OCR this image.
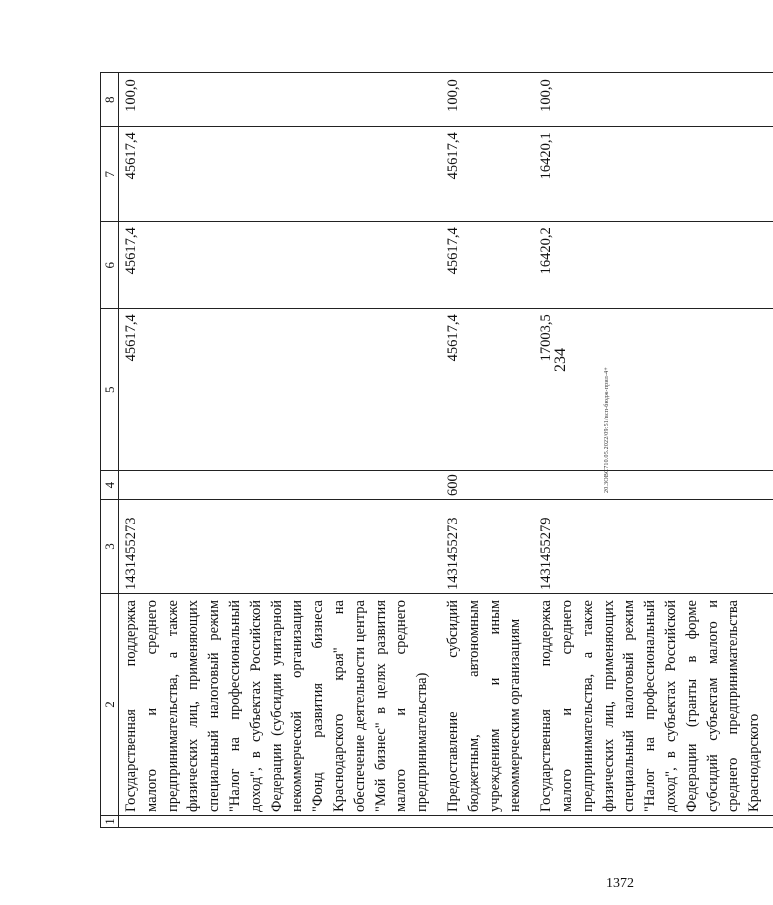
1	2	3	4	5	6	7	8
	Государственная поддержка малого и среднего предпринимательства, а также физических лиц, применяющих специальный налоговый режим "Налог на профессиональный доход", в субъектах Российской Федерации (субсидии унитарной некоммерческой организации "Фонд развития бизнеса Краснодарского края" на обеспечение деятельности центра "Мой бизнес" в целях развития малого и среднего предпринимательства)	1431455273		45617,4	45617,4	45617,4	100,0
	Предоставление субсидий бюджетным, автономным учреждениям и иным некоммерческим организациям	1431455273	600	45617,4	45617,4	45617,4	100,0
	Государственная поддержка малого и среднего предпринимательства, а также физических лиц, применяющих специальный налоговый режим "Налог на профессиональный доход", в субъектах Российской Федерации (гранты в форме субсидий субъектам малого и среднего предпринимательства Краснодарского	1431455279		17003,5	16420,2	16420,1	100,0
234
20.3ОВС710.05.2022/09:51/всп-бюдж-прил-4+
1372
